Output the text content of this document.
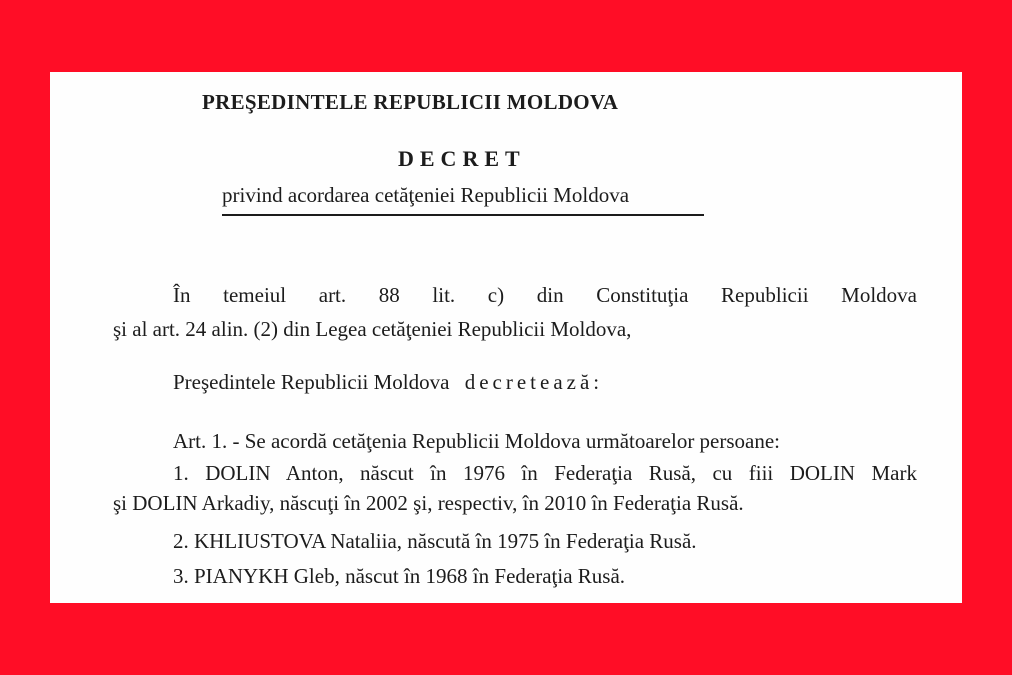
PREŞEDINTELE REPUBLICII MOLDOVA
DECRET
privind acordarea cetăţeniei Republicii Moldova
În temeiul art. 88 lit. c) din Constituţia Republicii Moldova
şi al art. 24 alin. (2) din Legea cetăţeniei Republicii Moldova,
Preşedintele Republicii Moldova decretează:
Art. 1. - Se acordă cetăţenia Republicii Moldova următoarelor persoane:
1. DOLIN Anton, născut în 1976 în Federaţia Rusă, cu fiii DOLIN Mark
şi DOLIN Arkadiy, născuţi în 2002 şi, respectiv, în 2010 în Federaţia Rusă.
2. KHLIUSTOVA Nataliia, născută în 1975 în Federaţia Rusă.
3. PIANYKH Gleb, născut în 1968 în Federaţia Rusă.
